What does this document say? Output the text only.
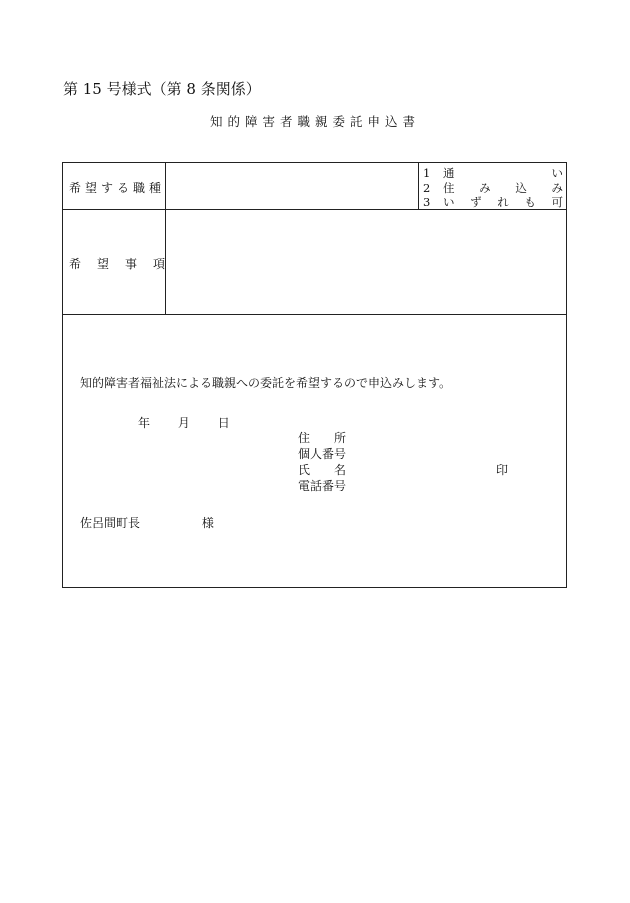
第 15 号様式（第 8 条関係）
知的障害者職親委託申込書
希望する職種
1 通い
2 住み込み
3 いずれも可
希望事項
知的障害者福祉法による職親への委託を希望するので申込みします。
年 月 日
住所
個人番号
氏名	印
電話番号
佐呂間町長	様
